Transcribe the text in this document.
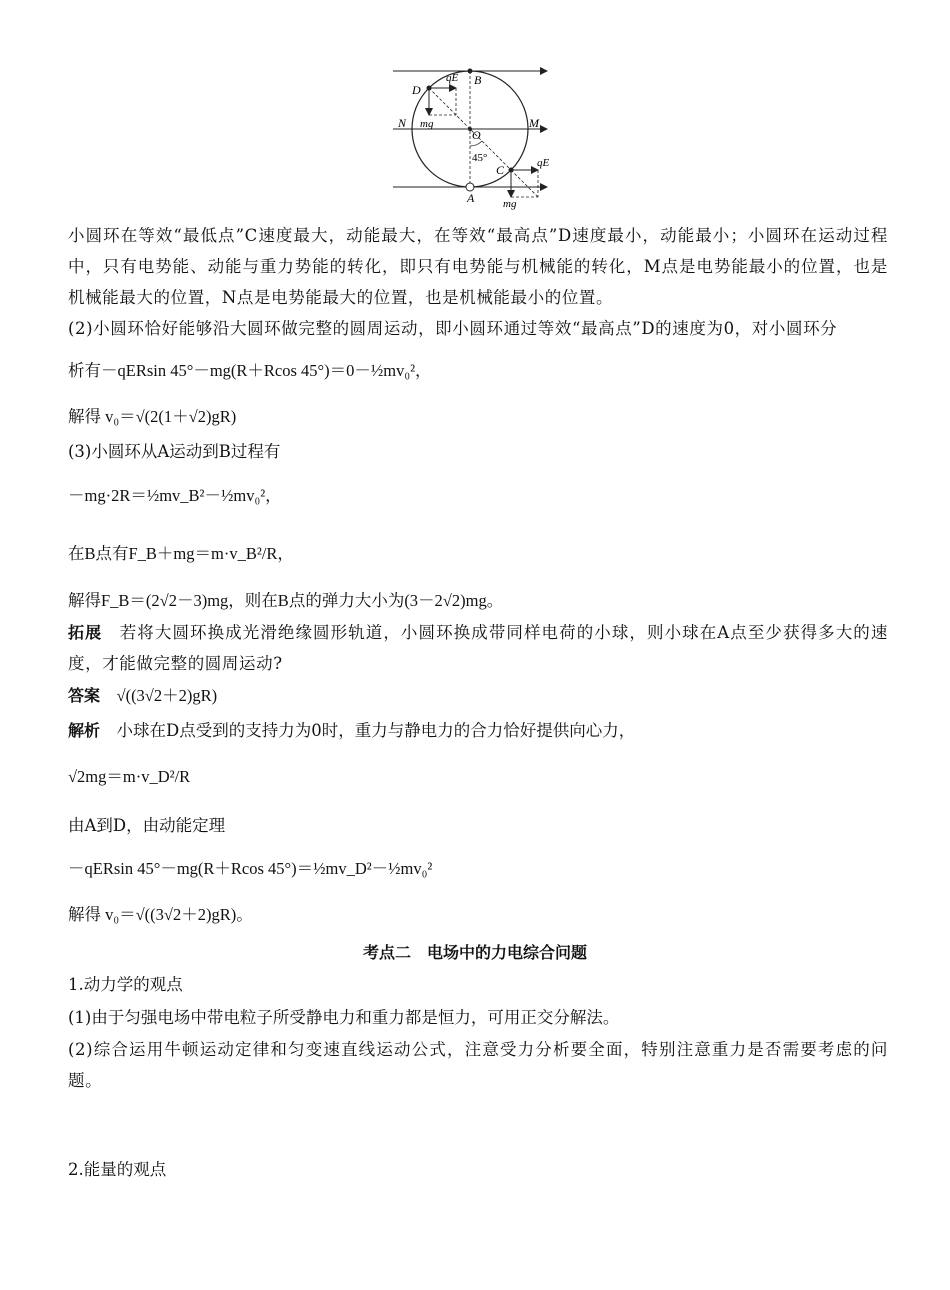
B
qE
D
N mg
O
M
45°
C	qE
A	mg
小圆环在等效“最低点”C速度最大，动能最大，在等效“最高点”D速度最小，动能最小；小圆环在运动过程中，只有电势能、动能与重力势能的转化，即只有电势能与机械能的转化，M点是电势能最小的位置，也是机械能最大的位置，N点是电势能最大的位置，也是机械能最小的位置。
(2)小圆环恰好能够沿大圆环做完整的圆周运动，即小圆环通过等效“最高点”D的速度为0，对小圆环分
析有－qERsin 45°－mg(R＋Rcos 45°)＝0－½mv₀²，
解得 v₀＝√(2(1＋√2)gR)
(3)小圆环从A运动到B过程有
－mg·2R＝½mv_B²－½mv₀²，
在B点有F_B＋mg＝m·v_B²/R，
解得F_B＝(2√2－3)mg，则在B点的弹力大小为(3－2√2)mg。
拓展　 若将大圆环换成光滑绝缘圆形轨道，小圆环换成带同样电荷的小球，则小球在A点至少获得多大的速度，才能做完整的圆周运动?
答案　 √((3√2＋2)gR)
解析　 小球在D点受到的支持力为0时，重力与静电力的合力恰好提供向心力，
√2mg＝m·v_D²/R
由A到D，由动能定理
－qERsin 45°－mg(R＋Rcos 45°)＝½mv_D²－½mv₀²
解得 v₀＝√((3√2＋2)gR)。
考点二　电场中的力电综合问题
1.动力学的观点
(1)由于匀强电场中带电粒子所受静电力和重力都是恒力，可用正交分解法。
(2)综合运用牛顿运动定律和匀变速直线运动公式，注意受力分析要全面，特别注意重力是否需要考虑的问题。
2.能量的观点
